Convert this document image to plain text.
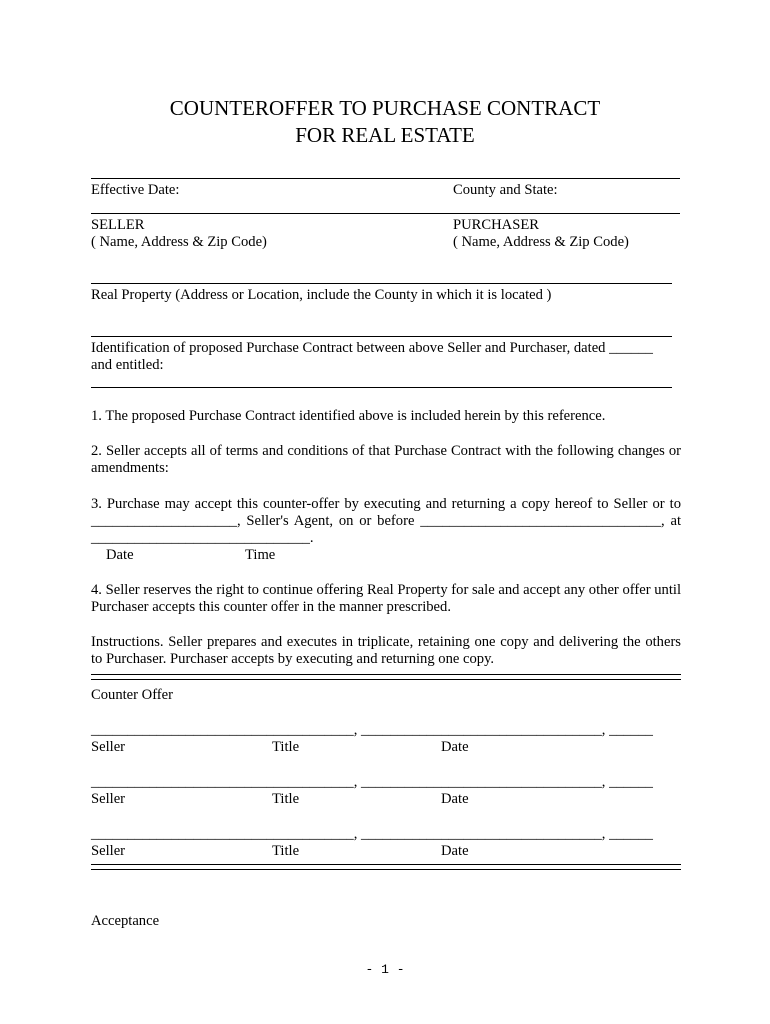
COUNTEROFFER TO PURCHASE CONTRACT
FOR REAL ESTATE
Effective Date:	County and State:
SELLER
( Name, Address & Zip Code)
PURCHASER
( Name, Address & Zip Code)
Real Property (Address or Location, include the County in which it is located )
Identification of proposed Purchase Contract between above Seller and Purchaser, dated ______
and entitled:
1. The proposed Purchase Contract identified above is included herein by this reference.
2. Seller accepts all of terms and conditions of that Purchase Contract with the following changes or amendments:
3. Purchase may accept this counter-offer by executing and returning a copy hereof to Seller or to
____________________, Seller's Agent, on or before _________________________________, at
______________________________.
Date	Time
4. Seller reserves the right to continue offering Real Property for sale and accept any other offer until Purchaser accepts this counter offer in the manner prescribed.
Instructions. Seller prepares and executes in triplicate, retaining one copy and delivering the others to Purchaser. Purchaser accepts by executing and returning one copy.
Counter Offer
____________________________________, _________________________________, ______
Seller	Title	Date
____________________________________, _________________________________, ______
Seller	Title	Date
____________________________________, _________________________________, ______
Seller	Title	Date
Acceptance
- 1 -
